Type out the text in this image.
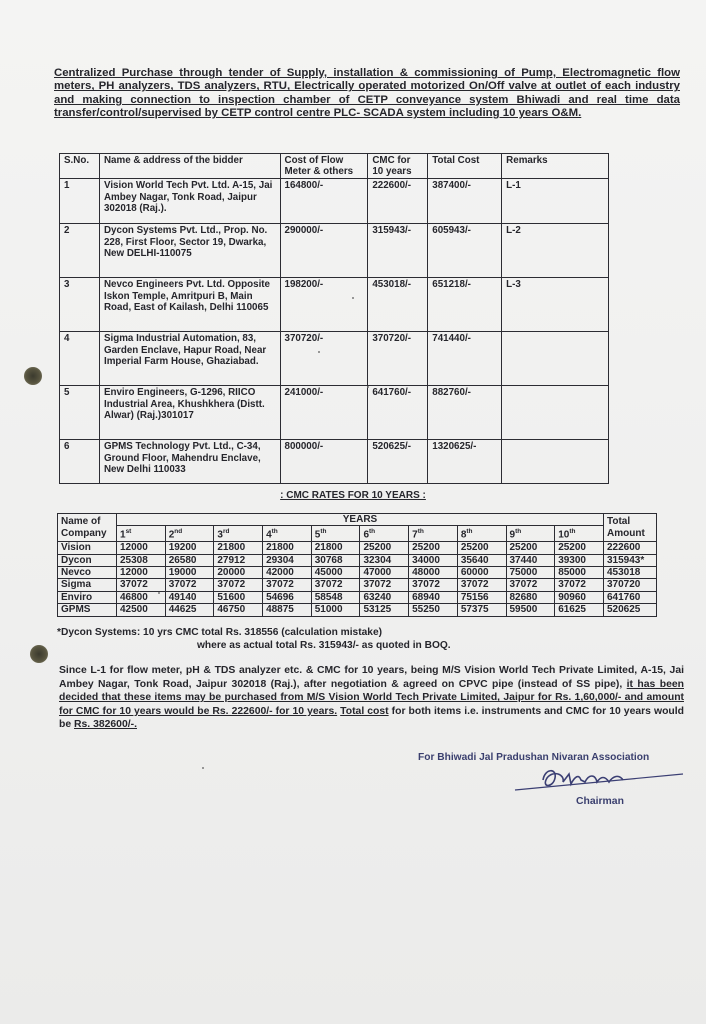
Centralized Purchase through tender of Supply, installation & commissioning of Pump, Electromagnetic flow meters, PH analyzers, TDS analyzers, RTU, Electrically operated motorized On/Off valve at outlet of each industry and making connection to inspection chamber of CETP conveyance system Bhiwadi and real time data transfer/control/supervised by CETP control centre PLC- SCADA system including 10 years O&M.
S.No.	Name & address of the bidder	Cost of Flow Meter & others	CMC for 10 years	Total Cost	Remarks
1	Vision World Tech Pvt. Ltd. A-15, Jai Ambey Nagar, Tonk Road, Jaipur 302018 (Raj.).	164800/-	222600/-	387400/-	L-1
2	Dycon Systems Pvt. Ltd., Prop. No. 228, First Floor, Sector 19, Dwarka, New DELHI-110075	290000/-	315943/-	605943/-	L-2
3	Nevco Engineers Pvt. Ltd. Opposite Iskon Temple, Amritpuri B, Main Road, East of Kailash, Delhi 110065	198200/-	453018/-	651218/-	L-3
4	Sigma Industrial Automation, 83, Garden Enclave, Hapur Road, Near Imperial Farm House, Ghaziabad.	370720/-	370720/-	741440/-	
5	Enviro Engineers, G-1296, RIICO Industrial Area, Khushkhera (Distt. Alwar) (Raj.)301017	241000/-	641760/-	882760/-	
6	GPMS Technology Pvt. Ltd., C-34, Ground Floor, Mahendru Enclave, New Delhi 110033	800000/-	520625/-	1320625/-	
: CMC RATES FOR 10 YEARS :
Name of Company	YEARS										Total Amount
	1st	2nd	3rd	4th	5th	6th	7th	8th	9th	10th
Vision	12000	19200	21800	21800	21800	25200	25200	25200	25200	25200	222600
Dycon	25308	26580	27912	29304	30768	32304	34000	35640	37440	39300	315943*
Nevco	12000	19000	20000	42000	45000	47000	48000	60000	75000	85000	453018
Sigma	37072	37072	37072	37072	37072	37072	37072	37072	37072	37072	370720
Enviro	46800	49140	51600	54696	58548	63240	68940	75156	82680	90960	641760
GPMS	42500	44625	46750	48875	51000	53125	55250	57375	59500	61625	520625
*Dycon Systems: 10 yrs CMC total Rs. 318556 (calculation mistake)
where as actual total Rs. 315943/- as quoted in BOQ.
Since L-1 for flow meter, pH & TDS analyzer etc. & CMC for 10 years, being M/S Vision World Tech Private Limited, A-15, Jai Ambey Nagar, Tonk Road, Jaipur 302018 (Raj.), after negotiation & agreed on CPVC pipe (instead of SS pipe), it has been decided that these items may be purchased from M/S Vision World Tech Private Limited, Jaipur for Rs. 1,60,000/- and amount for CMC for 10 years would be Rs. 222600/- for 10 years. Total cost for both items i.e. instruments and CMC for 10 years would be Rs. 382600/-.
For Bhiwadi Jal Pradushan Nivaran Association
Chairman
